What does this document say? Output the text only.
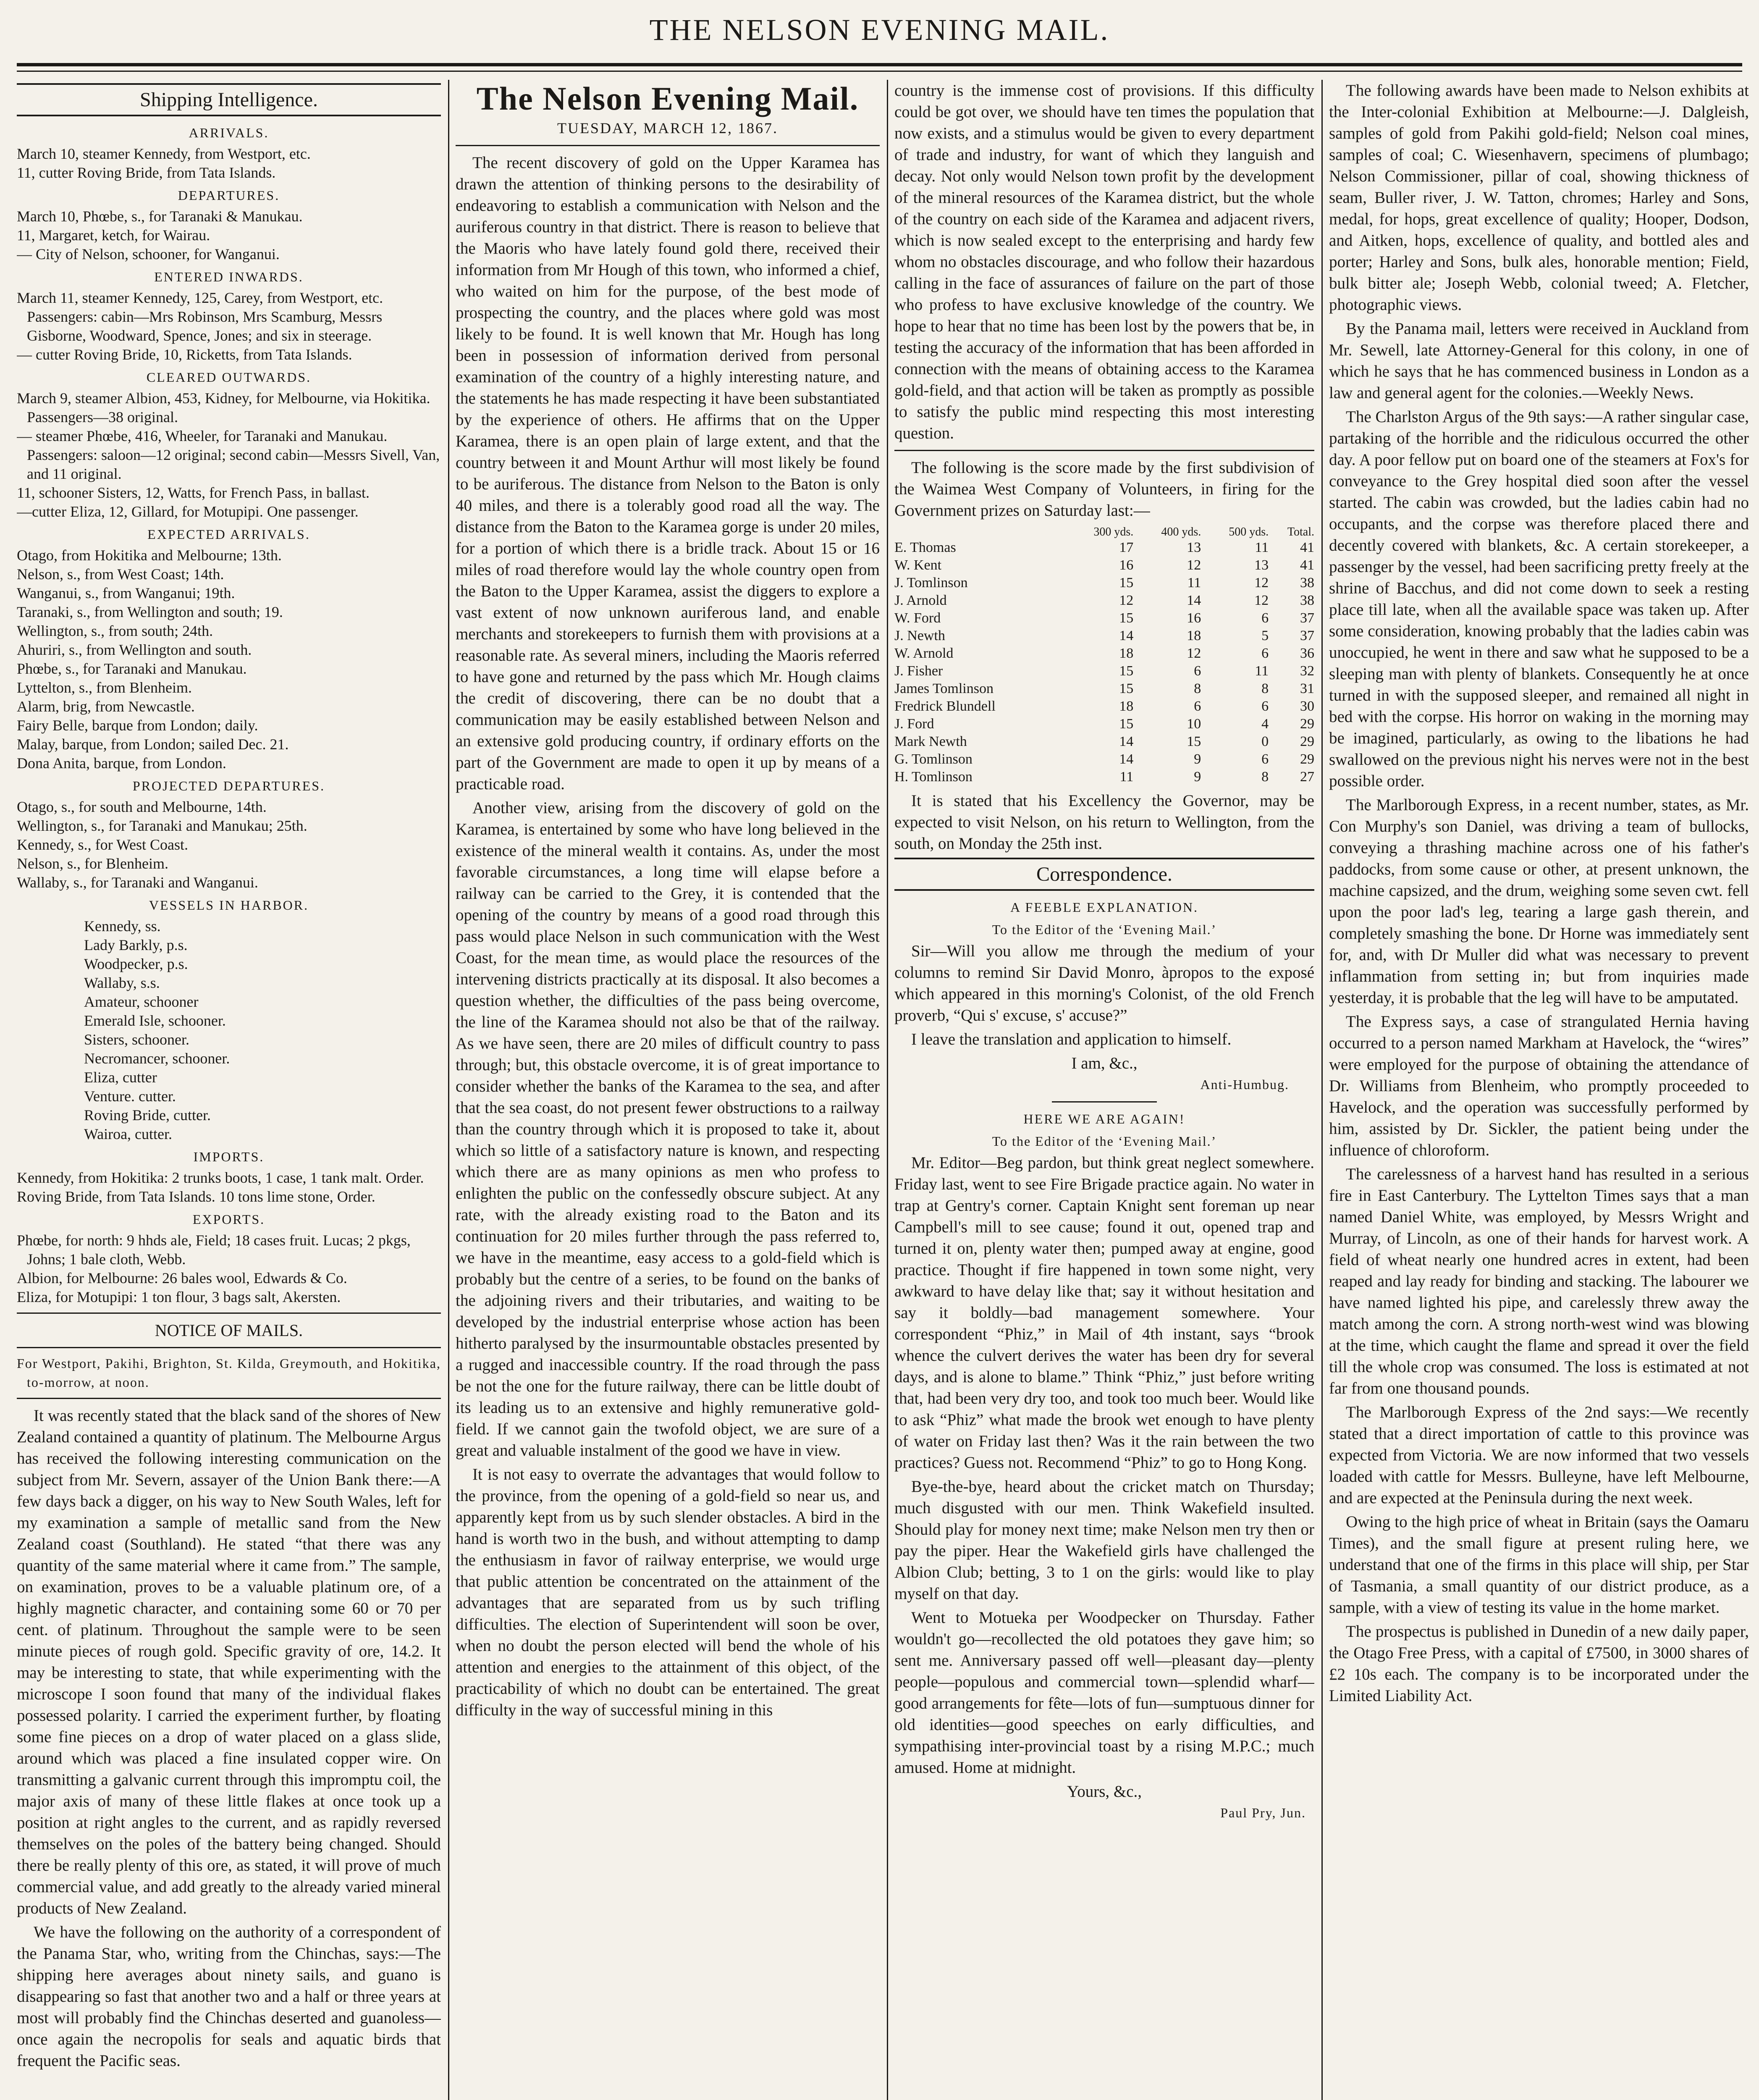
THE NELSON EVENING MAIL.
Shipping Intelligence.
ARRIVALS.
March 10, steamer Kennedy, from Westport, etc.
11, cutter Roving Bride, from Tata Islands.
DEPARTURES.
March 10, Phœbe, s., for Taranaki & Manukau.
11, Margaret, ketch, for Wairau.
— City of Nelson, schooner, for Wanganui.
ENTERED INWARDS.
March 11, steamer Kennedy, 125, Carey, from Westport, etc. Passengers: cabin—Mrs Robinson, Mrs Scamburg, Messrs Gisborne, Woodward, Spence, Jones; and six in steerage.
— cutter Roving Bride, 10, Ricketts, from Tata Islands.
CLEARED OUTWARDS.
March 9, steamer Albion, 453, Kidney, for Melbourne, via Hokitika. Passengers—38 original.
— steamer Phœbe, 416, Wheeler, for Taranaki and Manukau. Passengers: saloon—12 original; second cabin—Messrs Sivell, Van, and 11 original.
11, schooner Sisters, 12, Watts, for French Pass, in ballast.
—cutter Eliza, 12, Gillard, for Motupipi. One passenger.
EXPECTED ARRIVALS.
Otago, from Hokitika and Melbourne; 13th.
Nelson, s., from West Coast; 14th.
Wanganui, s., from Wanganui; 19th.
Taranaki, s., from Wellington and south; 19.
Wellington, s., from south; 24th.
Ahuriri, s., from Wellington and south.
Phœbe, s., for Taranaki and Manukau.
Lyttelton, s., from Blenheim.
Alarm, brig, from Newcastle.
Fairy Belle, barque from London; daily.
Malay, barque, from London; sailed Dec. 21.
Dona Anita, barque, from London.
PROJECTED DEPARTURES.
Otago, s., for south and Melbourne, 14th.
Wellington, s., for Taranaki and Manukau; 25th.
Kennedy, s., for West Coast.
Nelson, s., for Blenheim.
Wallaby, s., for Taranaki and Wanganui.
VESSELS IN HARBOR.
Kennedy, ss.
Lady Barkly, p.s.
Woodpecker, p.s.
Wallaby, s.s.
Amateur, schooner
Emerald Isle, schooner.
Sisters, schooner.
Necromancer, schooner.
Eliza, cutter
Venture. cutter.
Roving Bride, cutter.
Wairoa, cutter.
IMPORTS.
Kennedy, from Hokitika: 2 trunks boots, 1 case, 1 tank malt. Order.
Roving Bride, from Tata Islands. 10 tons lime stone, Order.
EXPORTS.
Phœbe, for north: 9 hhds ale, Field; 18 cases fruit. Lucas; 2 pkgs, Johns; 1 bale cloth, Webb.
Albion, for Melbourne: 26 bales wool, Edwards & Co.
Eliza, for Motupipi: 1 ton flour, 3 bags salt, Akersten.
NOTICE OF MAILS.
For Westport, Pakihi, Brighton, St. Kilda, Greymouth, and Hokitika, to-morrow, at noon.

It was recently stated that the black sand of the shores of New Zealand contained a quantity of platinum. The Melbourne Argus has received the following interesting communication on the subject from Mr. Severn, assayer of the Union Bank there:—A few days back a digger, on his way to New South Wales, left for my examination a sample of metallic sand from the New Zealand coast (Southland). He stated “that there was any quantity of the same material where it came from.” The sample, on examination, proves to be a valuable platinum ore, of a highly magnetic character, and containing some 60 or 70 per cent. of platinum. Throughout the sample were to be seen minute pieces of rough gold. Specific gravity of ore, 14.2. It may be interesting to state, that while experimenting with the microscope I soon found that many of the individual flakes possessed polarity. I carried the experiment further, by floating some fine pieces on a drop of water placed on a glass slide, around which was placed a fine insulated copper wire. On transmitting a galvanic current through this impromptu coil, the major axis of many of these little flakes at once took up a position at right angles to the current, and as rapidly reversed themselves on the poles of the battery being changed. Should there be really plenty of this ore, as stated, it will prove of much commercial value, and add greatly to the already varied mineral products of New Zealand.

We have the following on the authority of a correspondent of the Panama Star, who, writing from the Chinchas, says:—The shipping here averages about ninety sails, and guano is disappearing so fast that another two and a half or three years at most will probably find the Chinchas deserted and guanoless—once again the necropolis for seals and aquatic birds that frequent the Pacific seas.

The Nelson Evening Mail.
TUESDAY, MARCH 12, 1867.

The recent discovery of gold on the Upper Karamea has drawn the attention of thinking persons to the desirability of endeavoring to establish a communication with Nelson and the auriferous country in that district. There is reason to believe that the Maoris who have lately found gold there, received their information from Mr Hough of this town, who informed a chief, who waited on him for the purpose, of the best mode of prospecting the country, and the places where gold was most likely to be found. It is well known that Mr. Hough has long been in possession of information derived from personal examination of the country of a highly interesting nature, and the statements he has made respecting it have been substantiated by the experience of others. He affirms that on the Upper Karamea, there is an open plain of large extent, and that the country between it and Mount Arthur will most likely be found to be auriferous. The distance from Nelson to the Baton is only 40 miles, and there is a tolerably good road all the way. The distance from the Baton to the Karamea gorge is under 20 miles, for a portion of which there is a bridle track. About 15 or 16 miles of road therefore would lay the whole country open from the Baton to the Upper Karamea, assist the diggers to explore a vast extent of now unknown auriferous land, and enable merchants and storekeepers to furnish them with provisions at a reasonable rate. As several miners, including the Maoris referred to have gone and returned by the pass which Mr. Hough claims the credit of discovering, there can be no doubt that a communication may be easily established between Nelson and an extensive gold producing country, if ordinary efforts on the part of the Government are made to open it up by means of a practicable road.

Another view, arising from the discovery of gold on the Karamea, is entertained by some who have long believed in the existence of the mineral wealth it contains. As, under the most favorable circumstances, a long time will elapse before a railway can be carried to the Grey, it is contended that the opening of the country by means of a good road through this pass would place Nelson in such communication with the West Coast, for the mean time, as would place the resources of the intervening districts practically at its disposal. It also becomes a question whether, the difficulties of the pass being overcome, the line of the Karamea should not also be that of the railway. As we have seen, there are 20 miles of difficult country to pass through; but, this obstacle overcome, it is of great importance to consider whether the banks of the Karamea to the sea, and after that the sea coast, do not present fewer obstructions to a railway than the country through which it is proposed to take it, about which so little of a satisfactory nature is known, and respecting which there are as many opinions as men who profess to enlighten the public on the confessedly obscure subject. At any rate, with the already existing road to the Baton and its continuation for 20 miles further through the pass referred to, we have in the meantime, easy access to a gold-field which is probably but the centre of a series, to be found on the banks of the adjoining rivers and their tributaries, and waiting to be developed by the industrial enterprise whose action has been hitherto paralysed by the insurmountable obstacles presented by a rugged and inaccessible country. If the road through the pass be not the one for the future railway, there can be little doubt of its leading us to an extensive and highly remunerative gold-field. If we cannot gain the twofold object, we are sure of a great and valuable instalment of the good we have in view.

It is not easy to overrate the advantages that would follow to the province, from the opening of a gold-field so near us, and apparently kept from us by such slender obstacles. A bird in the hand is worth two in the bush, and without attempting to damp the enthusiasm in favor of railway enterprise, we would urge that public attention be concentrated on the attainment of the advantages that are separated from us by such trifling difficulties. The election of Superintendent will soon be over, when no doubt the person elected will bend the whole of his attention and energies to the attainment of this object, of the practicability of which no doubt can be entertained. The great difficulty in the way of successful mining in this

country is the immense cost of provisions. If this difficulty could be got over, we should have ten times the population that now exists, and a stimulus would be given to every department of trade and industry, for want of which they languish and decay. Not only would Nelson town profit by the development of the mineral resources of the Karamea district, but the whole of the country on each side of the Karamea and adjacent rivers, which is now sealed except to the enterprising and hardy few whom no obstacles discourage, and who follow their hazardous calling in the face of assurances of failure on the part of those who profess to have exclusive knowledge of the country. We hope to hear that no time has been lost by the powers that be, in testing the accuracy of the information that has been afforded in connection with the means of obtaining access to the Karamea gold-field, and that action will be taken as promptly as possible to satisfy the public mind respecting this most interesting question.

The following is the score made by the first subdivision of the Waimea West Company of Volunteers, in firing for the Government prizes on Saturday last:—

	300 yds.	400 yds.	500 yds.	Total.
E. Thomas	17	13	11	41
W. Kent	16	12	13	41
J. Tomlinson	15	11	12	38
J. Arnold	12	14	12	38
W. Ford	15	16	6	37
J. Newth	14	18	5	37
W. Arnold	18	12	6	36
J. Fisher	15	6	11	32
James Tomlinson	15	8	8	31
Fredrick Blundell	18	6	6	30
J. Ford	15	10	4	29
Mark Newth	14	15	0	29
G. Tomlinson	14	9	6	29
H. Tomlinson	11	9	8	27

It is stated that his Excellency the Governor, may be expected to visit Nelson, on his return to Wellington, from the south, on Monday the 25th inst.

Correspondence.
A FEEBLE EXPLANATION.
To the Editor of the ‘Evening Mail.’

Sir—Will you allow me through the medium of your columns to remind Sir David Monro, àpropos to the exposé which appeared in this morning's Colonist, of the old French proverb, “Qui s' excuse, s' accuse?”

I leave the translation and application to himself.

I am, &c.,
Anti-Humbug.
HERE WE ARE AGAIN!
To the Editor of the ‘Evening Mail.’

Mr. Editor—Beg pardon, but think great neglect somewhere. Friday last, went to see Fire Brigade practice again. No water in trap at Gentry's corner. Captain Knight sent foreman up near Campbell's mill to see cause; found it out, opened trap and turned it on, plenty water then; pumped away at engine, good practice. Thought if fire happened in town some night, very awkward to have delay like that; say it without hesitation and say it boldly—bad management somewhere. Your correspondent “Phiz,” in Mail of 4th instant, says “brook whence the culvert derives the water has been dry for several days, and is alone to blame.” Think “Phiz,” just before writing that, had been very dry too, and took too much beer. Would like to ask “Phiz” what made the brook wet enough to have plenty of water on Friday last then? Was it the rain between the two practices? Guess not. Recommend “Phiz” to go to Hong Kong.

Bye-the-bye, heard about the cricket match on Thursday; much disgusted with our men. Think Wakefield insulted. Should play for money next time; make Nelson men try then or pay the piper. Hear the Wakefield girls have challenged the Albion Club; betting, 3 to 1 on the girls: would like to play myself on that day.

Went to Motueka per Woodpecker on Thursday. Father wouldn't go—recollected the old potatoes they gave him; so sent me. Anniversary passed off well—pleasant day—plenty people—populous and commercial town—splendid wharf—good arrangements for fête—lots of fun—sumptuous dinner for old identities—good speeches on early difficulties, and sympathising inter-provincial toast by a rising M.P.C.; much amused. Home at midnight.

Yours, &c.,
Paul Pry, Jun.

The following awards have been made to Nelson exhibits at the Inter-colonial Exhibition at Melbourne:—J. Dalgleish, samples of gold from Pakihi gold-field; Nelson coal mines, samples of coal; C. Wiesenhavern, specimens of plumbago; Nelson Commissioner, pillar of coal, showing thickness of seam, Buller river, J. W. Tatton, chromes; Harley and Sons, medal, for hops, great excellence of quality; Hooper, Dodson, and Aitken, hops, excellence of quality, and bottled ales and porter; Harley and Sons, bulk ales, honorable mention; Field, bulk bitter ale; Joseph Webb, colonial tweed; A. Fletcher, photographic views.

By the Panama mail, letters were received in Auckland from Mr. Sewell, late Attorney-General for this colony, in one of which he says that he has commenced business in London as a law and general agent for the colonies.—Weekly News.

The Charlston Argus of the 9th says:—A rather singular case, partaking of the horrible and the ridiculous occurred the other day. A poor fellow put on board one of the steamers at Fox's for conveyance to the Grey hospital died soon after the vessel started. The cabin was crowded, but the ladies cabin had no occupants, and the corpse was therefore placed there and decently covered with blankets, &c. A certain storekeeper, a passenger by the vessel, had been sacrificing pretty freely at the shrine of Bacchus, and did not come down to seek a resting place till late, when all the available space was taken up. After some consideration, knowing probably that the ladies cabin was unoccupied, he went in there and saw what he supposed to be a sleeping man with plenty of blankets. Consequently he at once turned in with the supposed sleeper, and remained all night in bed with the corpse. His horror on waking in the morning may be imagined, particularly, as owing to the libations he had swallowed on the previous night his nerves were not in the best possible order.

The Marlborough Express, in a recent number, states, as Mr. Con Murphy's son Daniel, was driving a team of bullocks, conveying a thrashing machine across one of his father's paddocks, from some cause or other, at present unknown, the machine capsized, and the drum, weighing some seven cwt. fell upon the poor lad's leg, tearing a large gash therein, and completely smashing the bone. Dr Horne was immediately sent for, and, with Dr Muller did what was necessary to prevent inflammation from setting in; but from inquiries made yesterday, it is probable that the leg will have to be amputated.

The Express says, a case of strangulated Hernia having occurred to a person named Markham at Havelock, the “wires” were employed for the purpose of obtaining the attendance of Dr. Williams from Blenheim, who promptly proceeded to Havelock, and the operation was successfully performed by him, assisted by Dr. Sickler, the patient being under the influence of chloroform.

The carelessness of a harvest hand has resulted in a serious fire in East Canterbury. The Lyttelton Times says that a man named Daniel White, was employed, by Messrs Wright and Murray, of Lincoln, as one of their hands for harvest work. A field of wheat nearly one hundred acres in extent, had been reaped and lay ready for binding and stacking. The labourer we have named lighted his pipe, and carelessly threw away the match among the corn. A strong north-west wind was blowing at the time, which caught the flame and spread it over the field till the whole crop was consumed. The loss is estimated at not far from one thousand pounds.

The Marlborough Express of the 2nd says:—We recently stated that a direct importation of cattle to this province was expected from Victoria. We are now informed that two vessels loaded with cattle for Messrs. Bulleyne, have left Melbourne, and are expected at the Peninsula during the next week.

Owing to the high price of wheat in Britain (says the Oamaru Times), and the small figure at present ruling here, we understand that one of the firms in this place will ship, per Star of Tasmania, a small quantity of our district produce, as a sample, with a view of testing its value in the home market.

The prospectus is published in Dunedin of a new daily paper, the Otago Free Press, with a capital of £7500, in 3000 shares of £2 10s each. The company is to be incorporated under the Limited Liability Act.
